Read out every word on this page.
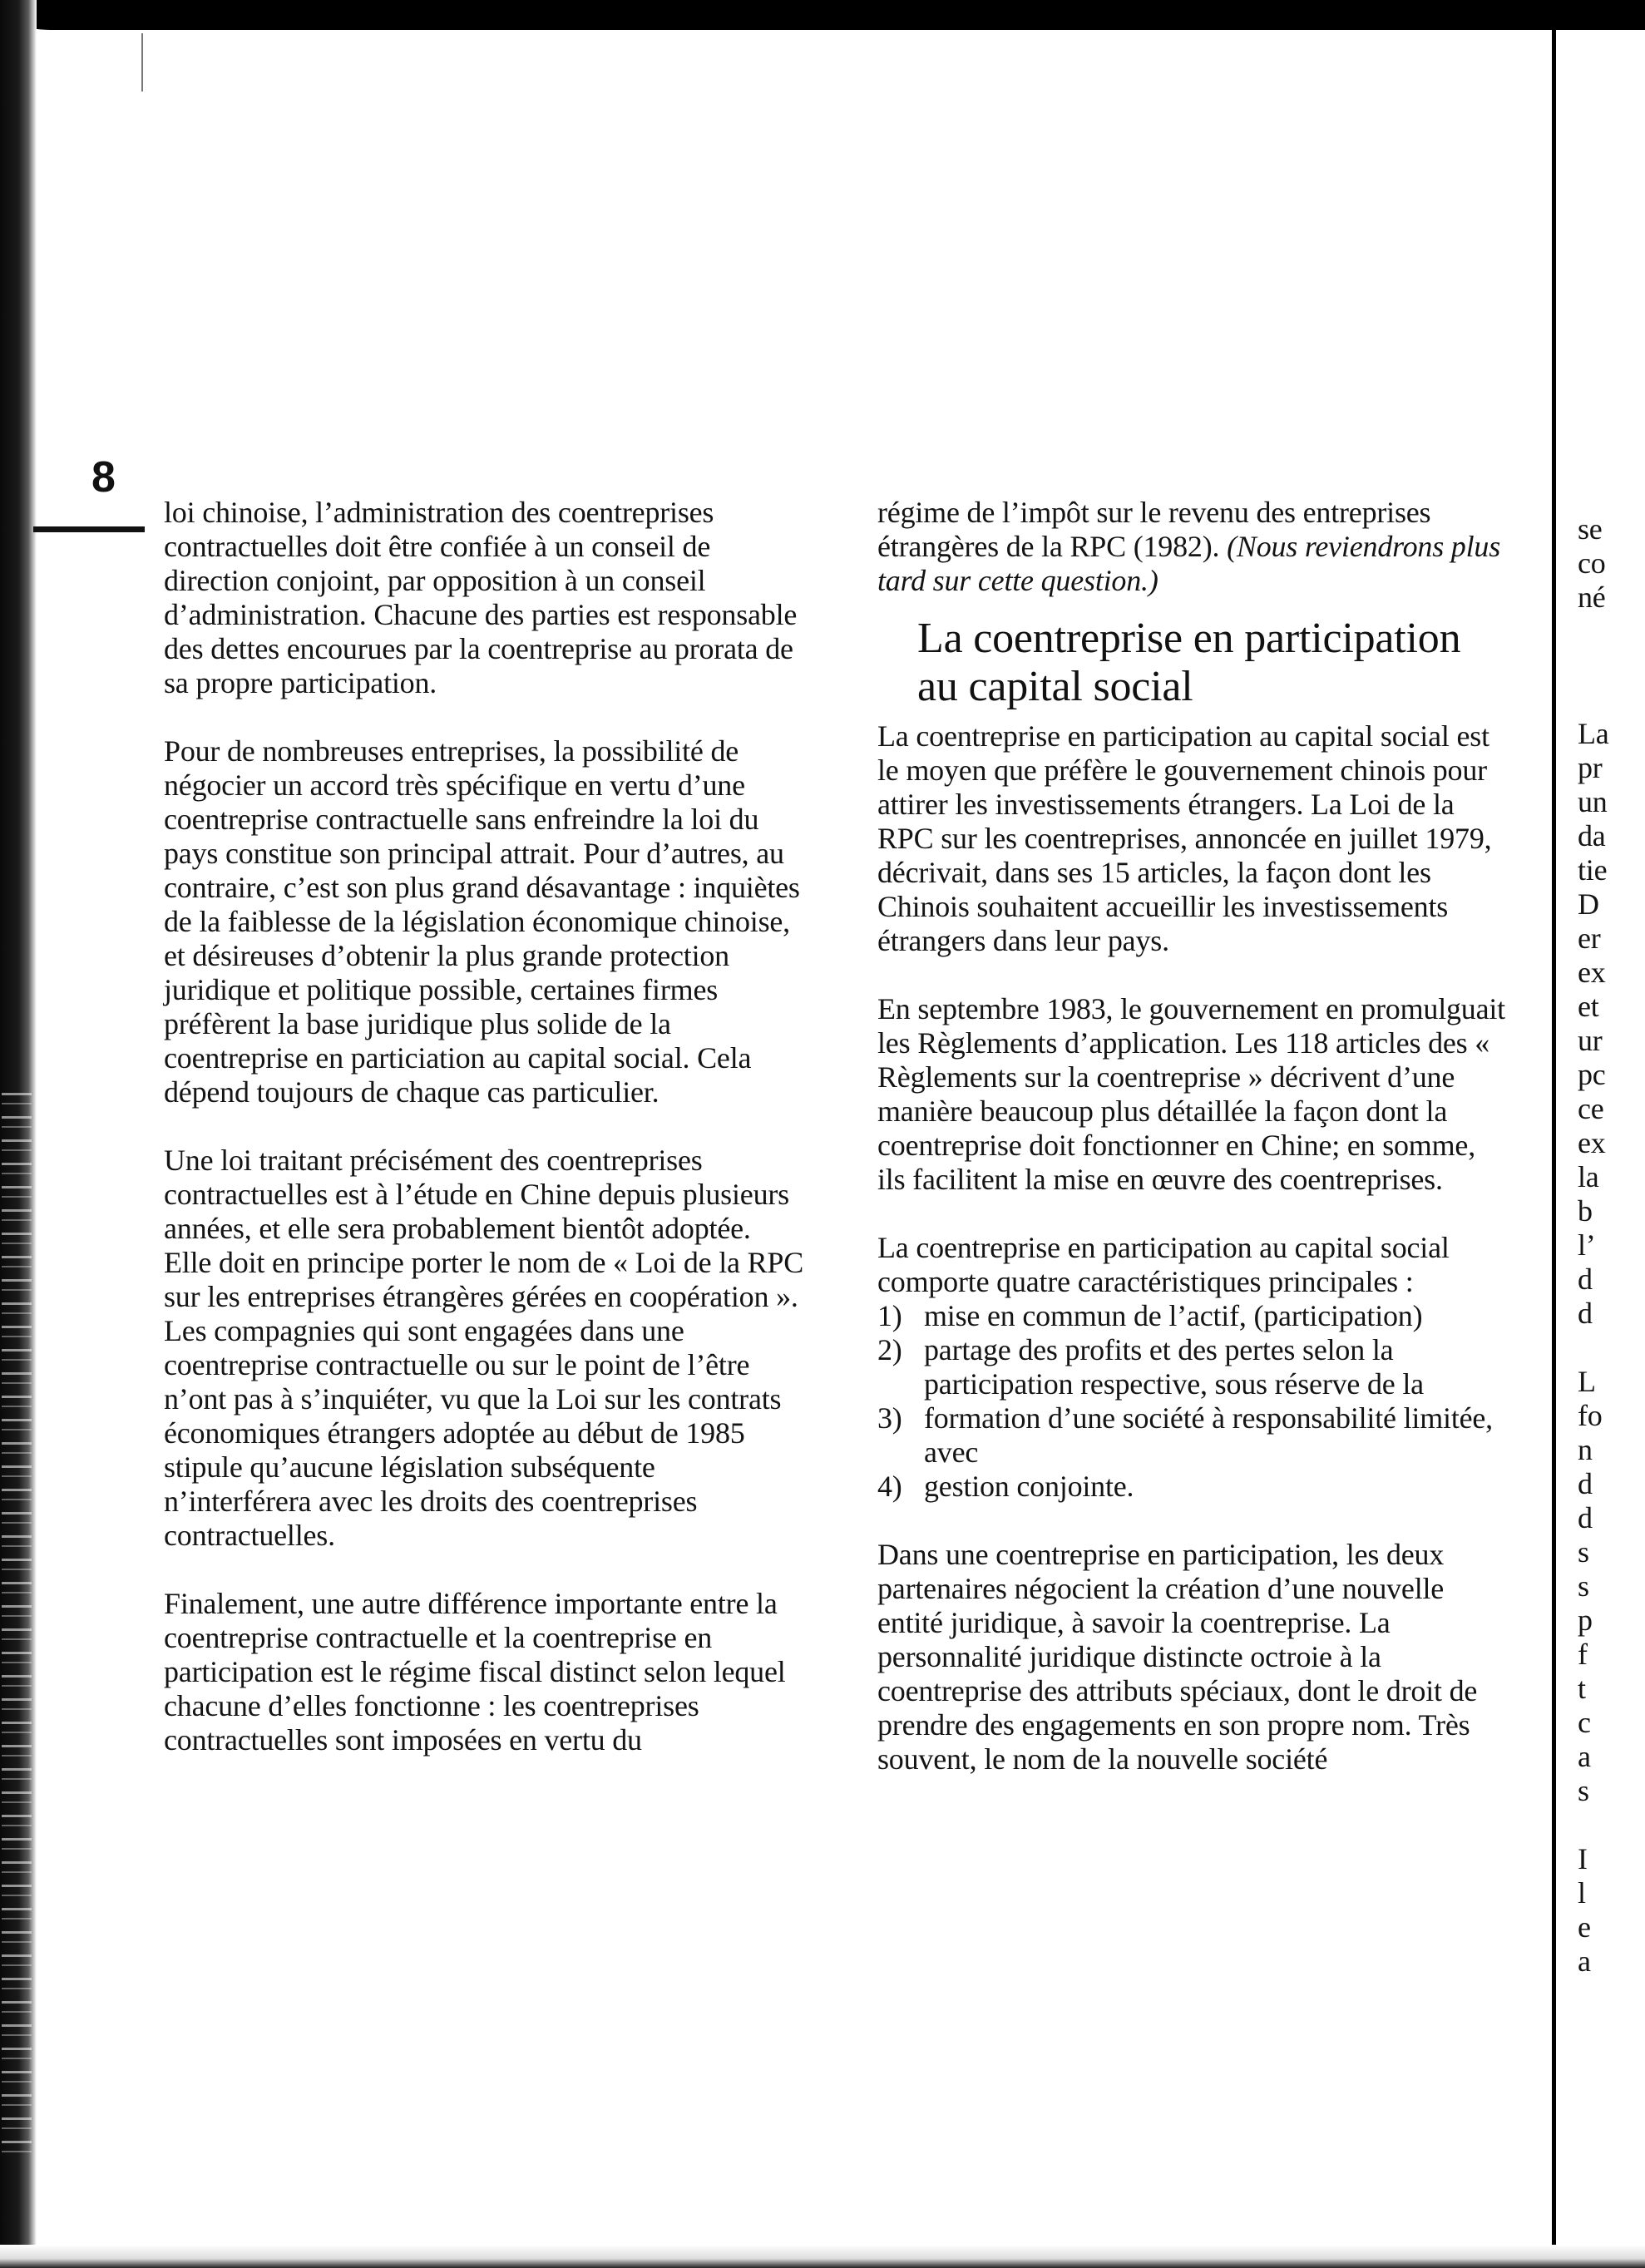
8

loi chinoise, l’administration des coentreprises contractuelles doit être confiée à un conseil de direction conjoint, par opposition à un conseil d’administration. Chacune des parties est responsable des dettes encourues par la coentreprise au prorata de sa propre participation.

Pour de nombreuses entreprises, la possibilité de négocier un accord très spécifique en vertu d’une coentreprise contractuelle sans enfreindre la loi du pays constitue son principal attrait. Pour d’autres, au contraire, c’est son plus grand désavantage : inquiètes de la faiblesse de la législation économique chinoise, et désireuses d’obtenir la plus grande protection juridique et politique possible, certaines firmes préfèrent la base juridique plus solide de la coentreprise en particiation au capital social. Cela dépend toujours de chaque cas particulier.

Une loi traitant précisément des coentreprises contractuelles est à l’étude en Chine depuis plusieurs années, et elle sera probablement bientôt adoptée. Elle doit en principe porter le nom de « Loi de la RPC sur les entreprises étrangères gérées en coopération ». Les compagnies qui sont engagées dans une coentreprise contractuelle ou sur le point de l’être n’ont pas à s’inquiéter, vu que la Loi sur les contrats économiques étrangers adoptée au début de 1985 stipule qu’aucune législation subséquente n’interférera avec les droits des coentreprises contractuelles.

Finalement, une autre différence importante entre la coentreprise contractuelle et la coentreprise en participation est le régime fiscal distinct selon lequel chacune d’elles fonctionne : les coentreprises contractuelles sont imposées en vertu du

régime de l’impôt sur le revenu des entreprises étrangères de la RPC (1982). (Nous reviendrons plus tard sur cette question.)

La coentreprise en participation au capital social

La coentreprise en participation au capital social est le moyen que préfère le gouvernement chinois pour attirer les investissements étrangers. La Loi de la RPC sur les coentreprises, annoncée en juillet 1979, décrivait, dans ses 15 articles, la façon dont les Chinois souhaitent accueillir les investissements étrangers dans leur pays.

En septembre 1983, le gouvernement en promulguait les Règlements d’application. Les 118 articles des « Règlements sur la coentreprise » décrivent d’une manière beaucoup plus détaillée la façon dont la coentreprise doit fonctionner en Chine; en somme, ils facilitent la mise en œuvre des coentreprises.

La coentreprise en participation au capital social comporte quatre caractéristiques principales :

1) mise en commun de l’actif, (participation)
2) partage des profits et des pertes selon la participation respective, sous réserve de la
3) formation d’une société à responsabilité limitée, avec
4) gestion conjointe.

Dans une coentreprise en participation, les deux partenaires négocient la création d’une nouvelle entité juridique, à savoir la coentreprise. La personnalité juridique distincte octroie à la coentreprise des attributs spéciaux, dont le droit de prendre des engagements en son propre nom. Très souvent, le nom de la nouvelle société

se
co
né
La
pr
un
da
tie
D
er
ex
et
ur
pc
ce
ex
la
b
l’
d
d
L
fo
n
d
d
s
s
p
f
t
c
a
s
I
l
e
a
